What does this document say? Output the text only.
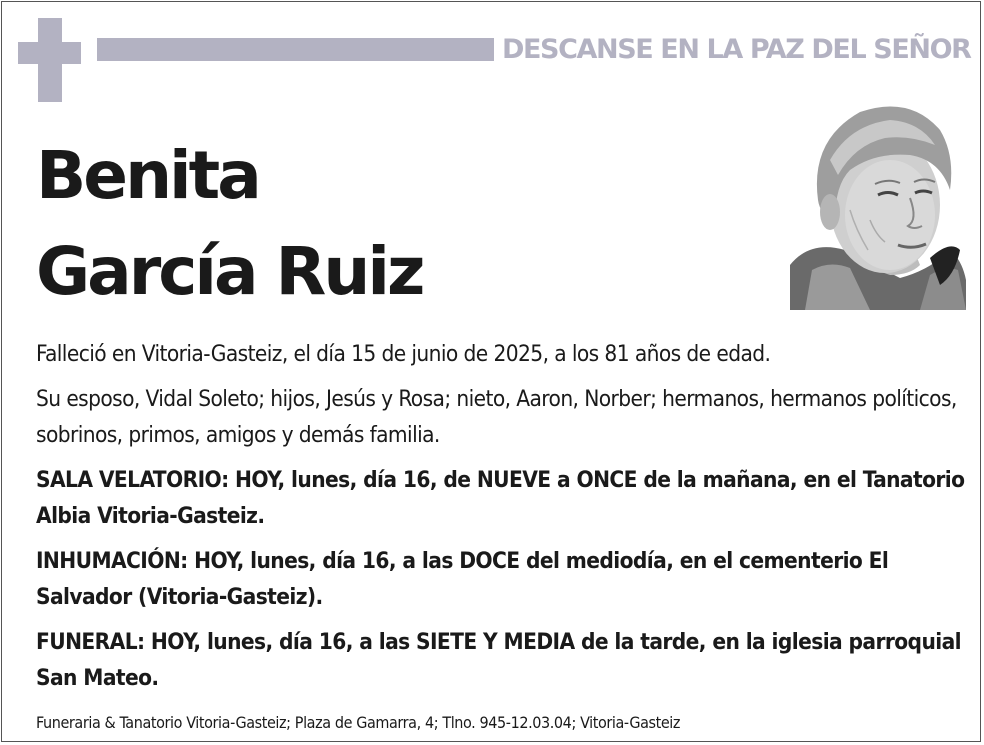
DESCANSE EN LA PAZ DEL SEÑOR
Benita
García Ruiz
Falleció en Vitoria-Gasteiz, el día 15 de junio de 2025, a los 81 años de edad.
Su esposo, Vidal Soleto; hijos, Jesús y Rosa; nieto, Aaron, Norber; hermanos, hermanos políticos, sobrinos, primos, amigos y demás familia.
SALA VELATORIO: HOY, lunes, día 16, de NUEVE a ONCE de la mañana, en el Tanatorio Albia Vitoria-Gasteiz.
INHUMACIÓN: HOY, lunes, día 16, a las DOCE del mediodía, en el cementerio El Salvador (Vitoria-Gasteiz).
FUNERAL: HOY, lunes, día 16, a las SIETE Y MEDIA de la tarde, en la iglesia parroquial San Mateo.
Funeraria & Tanatorio Vitoria-Gasteiz; Plaza de Gamarra, 4; Tlno. 945-12.03.04; Vitoria-Gasteiz
